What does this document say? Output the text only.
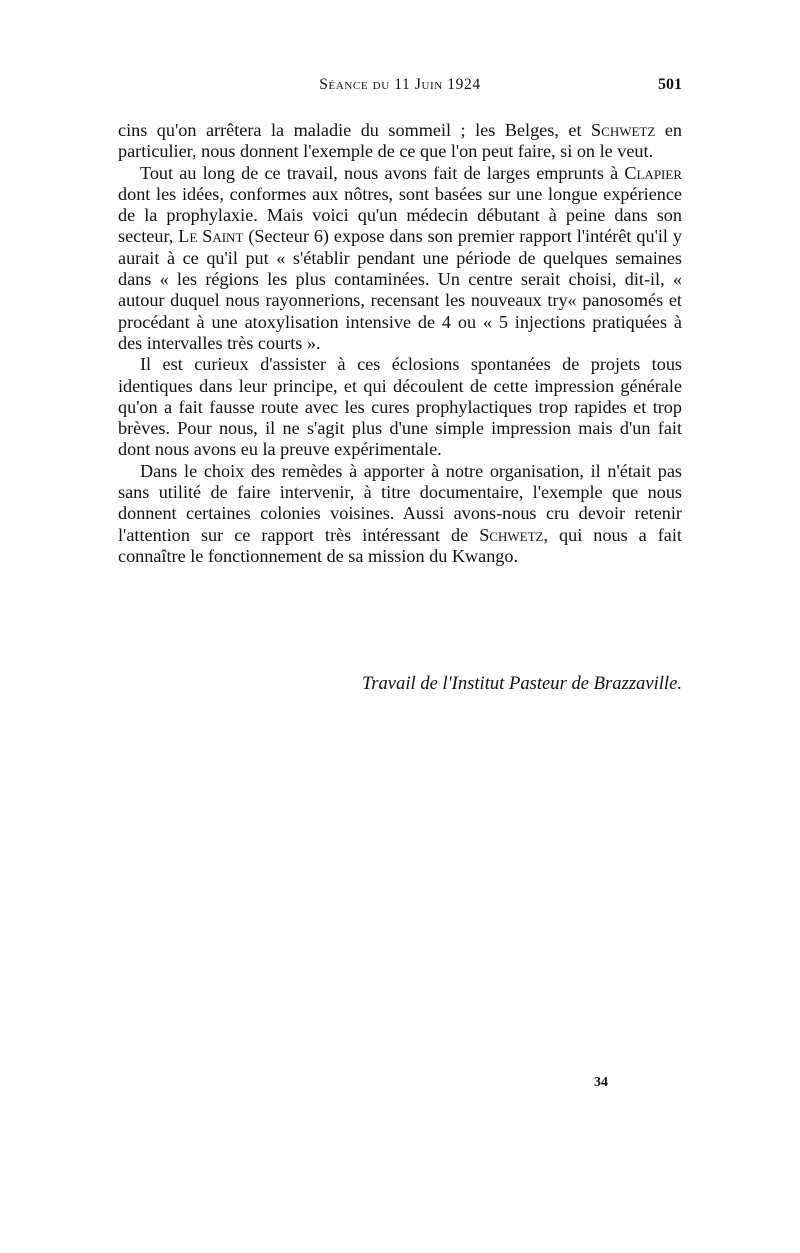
Séance du 11 Juin 1924	501

cins qu'on arrêtera la maladie du sommeil ; les Belges, et Schwetz en particulier, nous donnent l'exemple de ce que l'on peut faire, si on le veut.

Tout au long de ce travail, nous avons fait de larges emprunts à Clapier dont les idées, conformes aux nôtres, sont basées sur une longue expérience de la prophylaxie. Mais voici qu'un médecin débutant à peine dans son secteur, Le Saint (Secteur 6) expose dans son premier rapport l'intérêt qu'il y aurait à ce qu'il put « s'établir pendant une période de quelques semaines dans « les régions les plus contaminées. Un centre serait choisi, dit-il, « autour duquel nous rayonnerions, recensant les nouveaux try« panosomés et procédant à une atoxylisation intensive de 4 ou « 5 injections pratiquées à des intervalles très courts ».

Il est curieux d'assister à ces éclosions spontanées de projets tous identiques dans leur principe, et qui découlent de cette impression générale qu'on a fait fausse route avec les cures prophylactiques trop rapides et trop brèves. Pour nous, il ne s'agit plus d'une simple impression mais d'un fait dont nous avons eu la preuve expérimentale.

Dans le choix des remèdes à apporter à notre organisation, il n'était pas sans utilité de faire intervenir, à titre documentaire, l'exemple que nous donnent certaines colonies voisines. Aussi avons-nous cru devoir retenir l'attention sur ce rapport très intéressant de Schwetz, qui nous a fait connaître le fonctionnement de sa mission du Kwango.

Travail de l'Institut Pasteur de Brazzaville.
34
